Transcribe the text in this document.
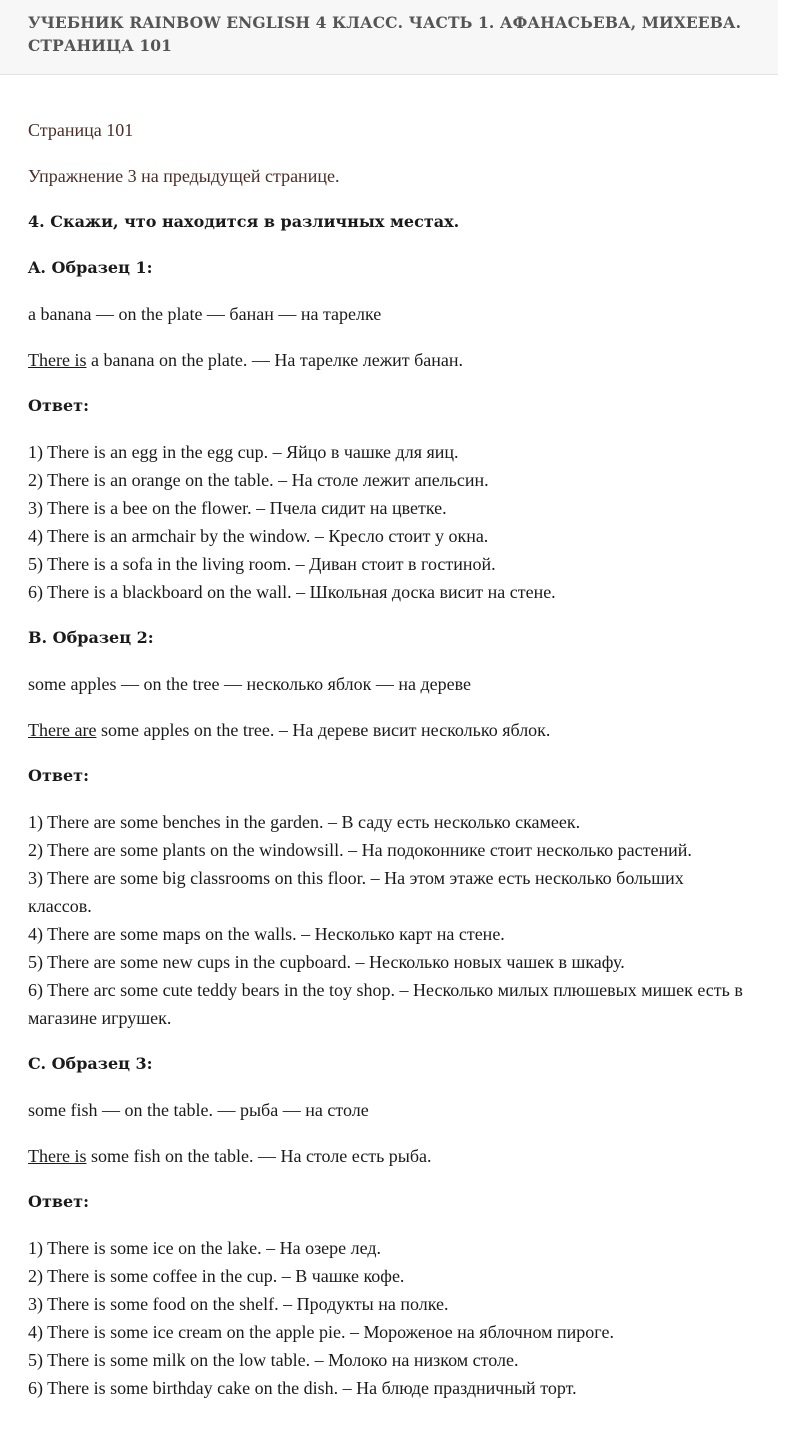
УЧЕБНИК RAINBOW ENGLISH 4 КЛАСС. ЧАСТЬ 1. АФАНАСЬЕВА, МИХЕЕВА.
СТРАНИЦА 101

Страница 101

Упражнение 3 на предыдущей странице.

4. Скажи, что находится в различных местах.

A. Образец 1:

a banana — on the plate — банан — на тарелке

There is a banana on the plate. — На тарелке лежит банан.

Ответ:

1) There is an egg in the egg cup. – Яйцо в чашке для яиц.
2) There is an orange on the table. – На столе лежит апельсин.
3) There is a bee on the flower. – Пчела сидит на цветке.
4) There is an armchair by the window. – Кресло стоит у окна.
5) There is a sofa in the living room. – Диван стоит в гостиной.
6) There is a blackboard on the wall. – Школьная доска висит на стене.

B. Образец 2:

some apples — on the tree — несколько яблок — на дереве

There are some apples on the tree. – На дереве висит несколько яблок.

Ответ:

1) There are some benches in the garden. – В саду есть несколько скамеек.
2) There are some plants on the windowsill. – На подоконнике стоит несколько растений.
3) There are some big classrooms on this floor. – На этом этаже есть несколько больших классов.
4) There are some maps on the walls. – Несколько карт на стене.
5) There are some new cups in the cupboard. – Несколько новых чашек в шкафу.
6) There arc some cute teddy bears in the toy shop. – Несколько милых плюшевых мишек есть в магазине игрушек.

C. Образец 3:

some fish — on the table. — рыба — на столе

There is some fish on the table. — На столе есть рыба.

Ответ:

1) There is some ice on the lake. – На озере лед.
2) There is some coffee in the cup. – В чашке кофе.
3) There is some food on the shelf. – Продукты на полке.
4) There is some ice cream on the apple pie. – Мороженое на яблочном пироге.
5) There is some milk on the low table. – Молоко на низком столе.
6) There is some birthday cake on the dish. – На блюде праздничный торт.
